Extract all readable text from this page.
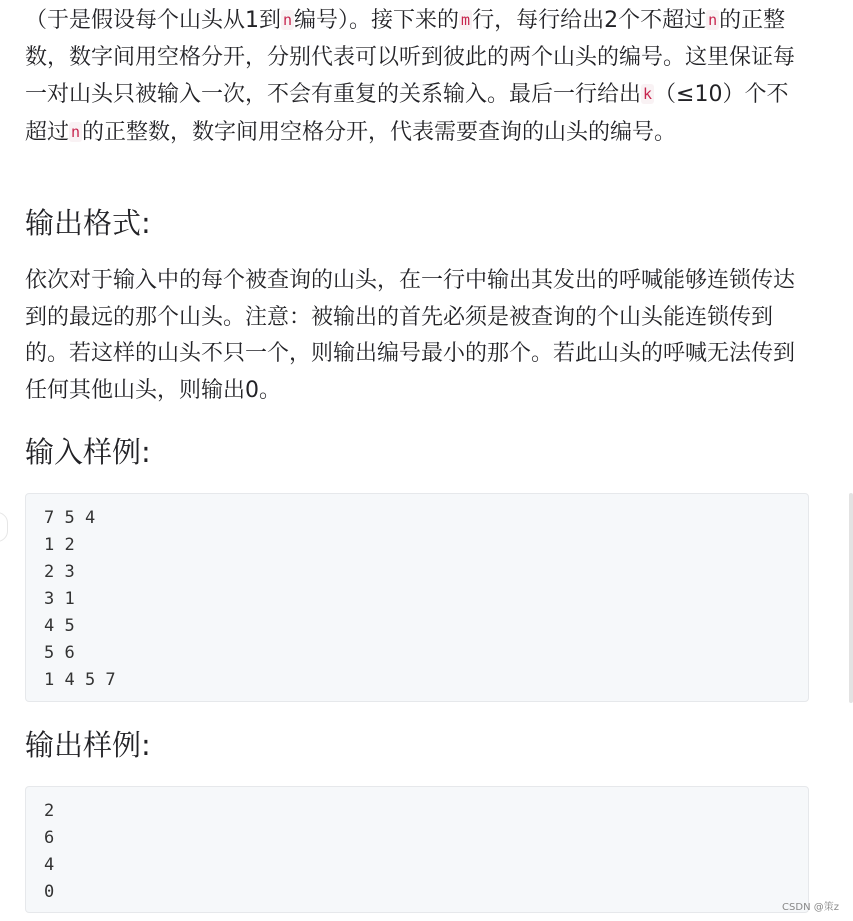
（于是假设每个山头从1到 n编号）。接下来的 m行，每行给出2个不超过 n的正整数，数字间用空格分开，分别代表可以听到彼此的两个山头的编号。这里保证每一对山头只被输入一次，不会有重复的关系输入。最后一行给出 k（≤10）个不超过 n的正整数，数字间用空格分开，代表需要查询的山头的编号。

输出格式:

依次对于输入中的每个被查询的山头，在一行中输出其发出的呼喊能够连锁传达到的最远的那个山头。注意：被输出的首先必须是被查询的个山头能连锁传到的。若这样的山头不只一个，则输出编号最小的那个。若此山头的呼喊无法传到任何其他山头，则输出0。

输入样例:
7 5 4
1 2
2 3
3 1
4 5
5 6
1 4 5 7
输出样例:
2
6
4
0
CSDN @策z
